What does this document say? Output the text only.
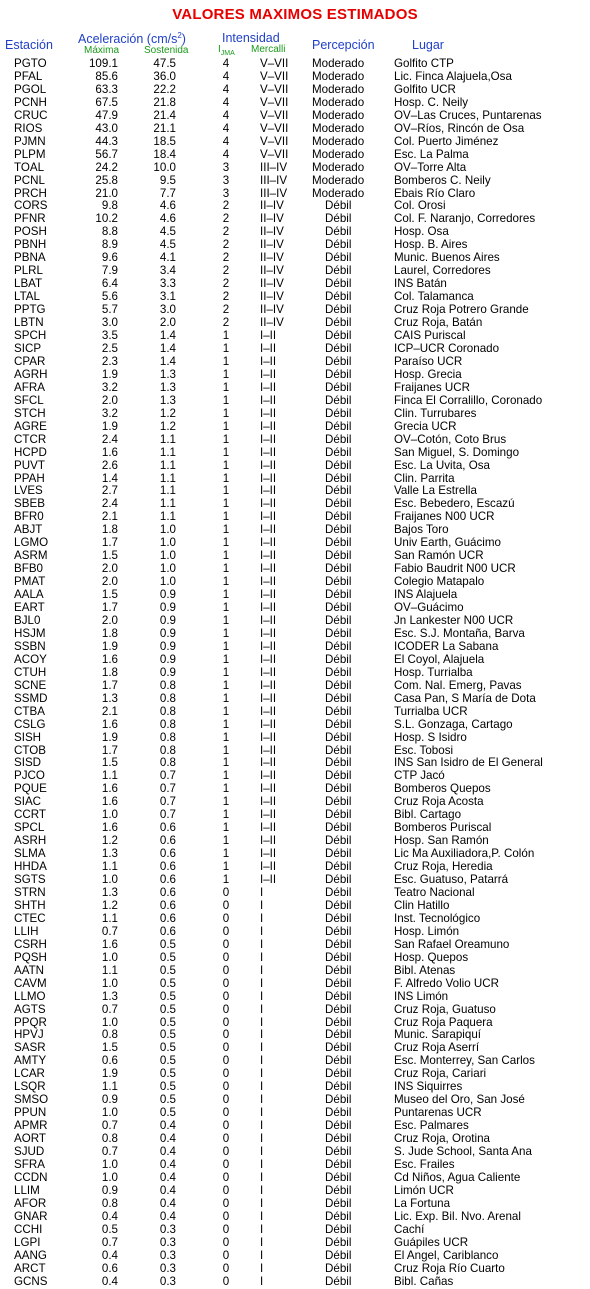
VALORES MAXIMOS ESTIMADOS
Estación Aceleración $(cm/s^2)$
Máxima Sostenida
Intensidad
$I_{JMA}$ Mercalli Percepción	Lugar
PGTO	109.1	47.5	4	V–VII Moderado	Golfito CTP
PFAL	85.6	36.0	4	V–VII Moderado	Lic. Finca Alajuela,Osa
PGOL	63.3	22.2	4	V–VII Moderado	Golfito UCR
PCNH	67.5	21.8	4	V–VII Moderado	Hosp. C. Neily
CRUC	47.9	21.4	4	V–VII Moderado	OV–Las Cruces, Puntarenas
RIOS	43.0	21.1	4	V–VII Moderado	OV–Ríos, Rincón de Osa
PJMN	44.3	18.5	4	V–VII Moderado	Col. Puerto Jiménez
PLPM	56.7	18.4	4	V–VII Moderado	Esc. La Palma
TOAL	24.2	10.0	3	III–IV Moderado	OV–Torre Alta
PCNL	25.8	9.5	3	III–IV Moderado	Bomberos C. Neily
PRCH	21.0	7.7	3	III–IV Moderado	Ebais Río Claro
CORS	9.8	4.6	2	II–IV	Débil	Col. Orosi
PFNR	10.2	4.6	2	II–IV	Débil	Col. F. Naranjo, Corredores
POSH	8.8	4.5	2	II–IV	Débil	Hosp. Osa
PBNH	8.9	4.5	2	II–IV	Débil	Hosp. B. Aires
PBNA	9.6	4.1	2	II–IV	Débil	Munic. Buenos Aires
PLRL	7.9	3.4	2	II–IV	Débil	Laurel, Corredores
LBAT	6.4	3.3	2	II–IV	Débil	INS Batán
LTAL	5.6	3.1	2	II–IV	Débil	Col. Talamanca
PPTG	5.7	3.0	2	II–IV	Débil	Cruz Roja Potrero Grande
LBTN	3.0	2.0	2	II–IV	Débil	Cruz Roja, Batán
SPCH	3.5	1.4	1	I–II	Débil	CAIS Puriscal
SICP	2.5	1.4	1	I–II	Débil	ICP–UCR Coronado
CPAR	2.3	1.4	1	I–II	Débil	Paraíso UCR
AGRH	1.9	1.3	1	I–II	Débil	Hosp. Grecia
AFRA	3.2	1.3	1	I–II	Débil	Fraijanes UCR
SFCL	2.0	1.3	1	I–II	Débil	Finca El Corralillo, Coronado
STCH	3.2	1.2	1	I–II	Débil	Clin. Turrubares
AGRE	1.9	1.2	1	I–II	Débil	Grecia UCR
CTCR	2.4	1.1	1	I–II	Débil	OV–Cotón, Coto Brus
HCPD	1.6	1.1	1	I–II	Débil	San Miguel, S. Domingo
PUVT	2.6	1.1	1	I–II	Débil	Esc. La Uvita, Osa
PPAH	1.4	1.1	1	I–II	Débil	Clin. Parrita
LVES	2.7	1.1	1	I–II	Débil	Valle La Estrella
SBEB	2.4	1.1	1	I–II	Débil	Esc. Bebedero, Escazú
BFR0	2.1	1.1	1	I–II	Débil	Fraijanes N00 UCR
ABJT	1.8	1.0	1	I–II	Débil	Bajos Toro
LGMO	1.7	1.0	1	I–II	Débil	Univ Earth, Guácimo
ASRM	1.5	1.0	1	I–II	Débil	San Ramón UCR
BFB0	2.0	1.0	1	I–II	Débil	Fabio Baudrit N00 UCR
PMAT	2.0	1.0	1	I–II	Débil	Colegio Matapalo
AALA	1.5	0.9	1	I–II	Débil	INS Alajuela
EART	1.7	0.9	1	I–II	Débil	OV–Guácimo
BJL0	2.0	0.9	1	I–II	Débil	Jn Lankester N00 UCR
HSJM	1.8	0.9	1	I–II	Débil	Esc. S.J. Montaña, Barva
SSBN	1.9	0.9	1	I–II	Débil	ICODER La Sabana
ACOY	1.6	0.9	1	I–II	Débil	El Coyol, Alajuela
CTUH	1.8	0.9	1	I–II	Débil	Hosp. Turrialba
SCNE	1.7	0.8	1	I–II	Débil	Com. Nal. Emerg, Pavas
SSMD	1.3	0.8	1	I–II	Débil	Casa Pan, S María de Dota
CTBA	2.1	0.8	1	I–II	Débil	Turrialba UCR
CSLG	1.6	0.8	1	I–II	Débil	S.L. Gonzaga, Cartago
SISH	1.9	0.8	1	I–II	Débil	Hosp. S Isidro
CTOB	1.7	0.8	1	I–II	Débil	Esc. Tobosi
SISD	1.5	0.8	1	I–II	Débil	INS San Isidro de El General
PJCO	1.1	0.7	1	I–II	Débil	CTP Jacó
PQUE	1.6	0.7	1	I–II	Débil	Bomberos Quepos
SIAC	1.6	0.7	1	I–II	Débil	Cruz Roja Acosta
CCRT	1.0	0.7	1	I–II	Débil	Bibl. Cartago
SPCL	1.6	0.6	1	I–II	Débil	Bomberos Puriscal
ASRH	1.2	0.6	1	I–II	Débil	Hosp. San Ramón
SLMA	1.3	0.6	1	I–II	Débil	Lic Ma Auxiliadora,P. Colón
HHDA	1.1	0.6	1	I–II	Débil	Cruz Roja, Heredia
SGTS	1.0	0.6	1	I–II	Débil	Esc. Guatuso, Patarrá
STRN	1.3	0.6	0	I	Débil	Teatro Nacional
SHTH	1.2	0.6	0	I	Débil	Clin Hatillo
CTEC	1.1	0.6	0	I	Débil	Inst. Tecnológico
LLIH	0.7	0.6	0	I	Débil	Hosp. Limón
CSRH	1.6	0.5	0	I	Débil	San Rafael Oreamuno
PQSH	1.0	0.5	0	I	Débil	Hosp. Quepos
AATN	1.1	0.5	0	I	Débil	Bibl. Atenas
CAVM	1.0	0.5	0	I	Débil	F. Alfredo Volio UCR
LLMO	1.3	0.5	0	I	Débil	INS Limón
AGTS	0.7	0.5	0	I	Débil	Cruz Roja, Guatuso
PPQR	1.0	0.5	0	I	Débil	Cruz Roja Paquera
HPVJ	0.8	0.5	0	I	Débil	Munic. Sarapiquí
SASR	1.5	0.5	0	I	Débil	Cruz Roja Aserrí
AMTY	0.6	0.5	0	I	Débil	Esc. Monterrey, San Carlos
LCAR	1.9	0.5	0	I	Débil	Cruz Roja, Cariari
LSQR	1.1	0.5	0	I	Débil	INS Siquirres
SMSO	0.9	0.5	0	I	Débil	Museo del Oro, San José
PPUN	1.0	0.5	0	I	Débil	Puntarenas UCR
APMR	0.7	0.4	0	I	Débil	Esc. Palmares
AORT	0.8	0.4	0	I	Débil	Cruz Roja, Orotina
SJUD	0.7	0.4	0	I	Débil	S. Jude School, Santa Ana
SFRA	1.0	0.4	0	I	Débil	Esc. Frailes
CCDN	1.0	0.4	0	I	Débil	Cd Niños, Agua Caliente
LLIM	0.9	0.4	0	I	Débil	Limón UCR
AFOR	0.8	0.4	0	I	Débil	La Fortuna
GNAR	0.4	0.4	0	I	Débil	Lic. Exp. Bil. Nvo. Arenal
CCHI	0.5	0.3	0	I	Débil	Cachí
LGPI	0.7	0.3	0	I	Débil	Guápiles UCR
AANG	0.4	0.3	0	I	Débil	El Angel, Cariblanco
ARCT	0.6	0.3	0	I	Débil	Cruz Roja Río Cuarto
GCNS	0.4	0.3	0	I	Débil	Bibl. Cañas
